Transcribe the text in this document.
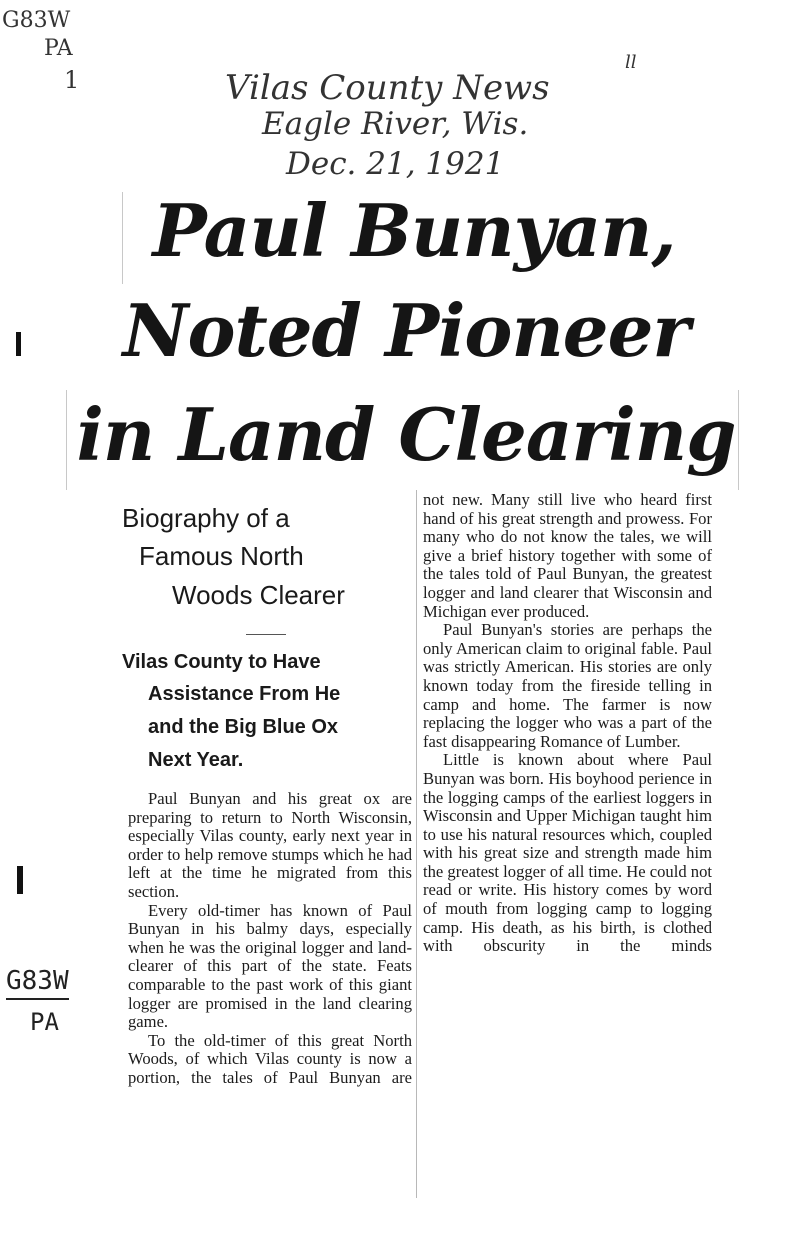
G83W
PA
1
ll
Vilas County News
Eagle River, Wis.
Dec. 21, 1921
G83W
PA
Paul Bunyan,
Noted Pioneer
in Land Clearing
Biography of a
Famous North
Woods Clearer
Vilas County to Have
Assistance From He
and the Big Blue Ox
Next Year.

Paul Bunyan and his great ox are preparing to return to North Wisconsin, especially Vilas county, early next year in order to help remove stumps which he had left at the time he migrated from this section.

Every old-timer has known of Paul Bunyan in his balmy days, especially when he was the original logger and land-clearer of this part of the state. Feats comparable to the past work of this giant logger are promised in the land clearing game.

To the old-timer of this great North Woods, of which Vilas county is now a portion, the tales of Paul Bunyan are

not new. Many still live who heard first hand of his great strength and prowess. For many who do not know the tales, we will give a brief history together with some of the tales told of Paul Bunyan, the greatest logger and land clearer that Wisconsin and Michigan ever produced.

Paul Bunyan's stories are perhaps the only American claim to original fable. Paul was strictly American. His stories are only known today from the fireside telling in camp and home. The farmer is now replacing the logger who was a part of the fast disappearing Romance of Lumber.

Little is known about where Paul Bunyan was born. His boyhood perience in the logging camps of the earliest loggers in Wisconsin and Upper Michigan taught him to use his natural resources which, coupled with his great size and strength made him the greatest logger of all time. He could not read or write. His history comes by word of mouth from logging camp to logging camp. His death, as his birth, is clothed with obscurity in the minds
